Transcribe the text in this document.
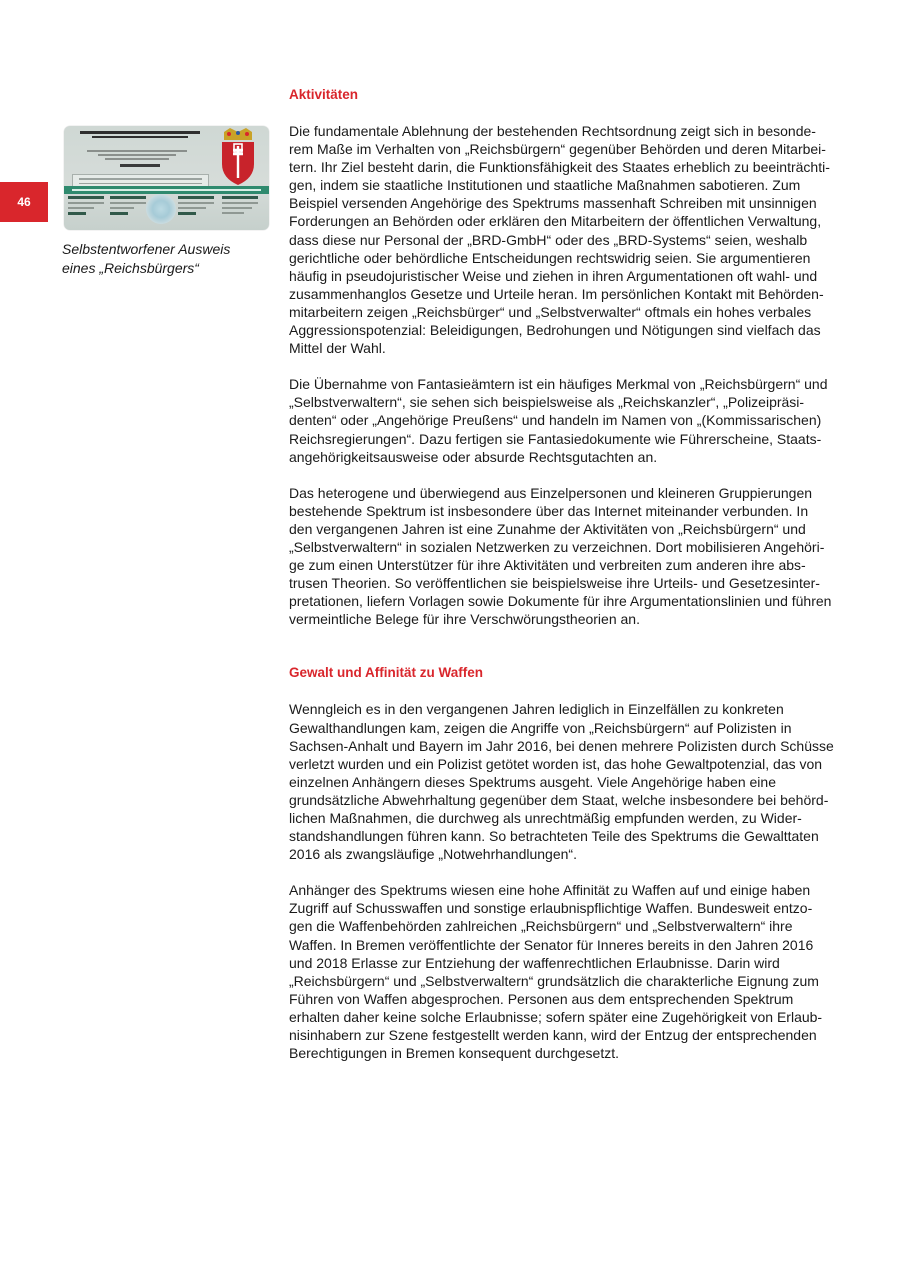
46
Selbstentworfener Ausweis
eines „Reichsbürgers“
Aktivitäten

Die fundamentale Ablehnung der bestehenden Rechtsordnung zeigt sich in besonde-
rem Maße im Verhalten von „Reichsbürgern“ gegenüber Behörden und deren Mitarbei-
tern. Ihr Ziel besteht darin, die Funktionsfähigkeit des Staates erheblich zu beeinträchti-
gen, indem sie staatliche Institutionen und staatliche Maßnahmen sabotieren. Zum
Beispiel versenden Angehörige des Spektrums massenhaft Schreiben mit unsinnigen
Forderungen an Behörden oder erklären den Mitarbeitern der öffentlichen Verwaltung,
dass diese nur Personal der „BRD-GmbH“ oder des „BRD-Systems“ seien, weshalb
gerichtliche oder behördliche Entscheidungen rechtswidrig seien. Sie argumentieren
häufig in pseudojuristischer Weise und ziehen in ihren Argumentationen oft wahl- und
zusammenhanglos Gesetze und Urteile heran. Im persönlichen Kontakt mit Behörden-
mitarbeitern zeigen „Reichsbürger“ und „Selbstverwalter“ oftmals ein hohes verbales
Aggressionspotenzial: Beleidigungen, Bedrohungen und Nötigungen sind vielfach das
Mittel der Wahl.

Die Übernahme von Fantasieämtern ist ein häufiges Merkmal von „Reichsbürgern“ und
„Selbstverwaltern“, sie sehen sich beispielsweise als „Reichskanzler“, „Polizeipräsi-
denten“ oder „Angehörige Preußens“ und handeln im Namen von „(Kommissarischen)
Reichsregierungen“. Dazu fertigen sie Fantasiedokumente wie Führerscheine, Staats-
angehörigkeitsausweise oder absurde Rechtsgutachten an.

Das heterogene und überwiegend aus Einzelpersonen und kleineren Gruppierungen
bestehende Spektrum ist insbesondere über das Internet miteinander verbunden. In
den vergangenen Jahren ist eine Zunahme der Aktivitäten von „Reichsbürgern“ und
„Selbstverwaltern“ in sozialen Netzwerken zu verzeichnen. Dort mobilisieren Angehöri-
ge zum einen Unterstützer für ihre Aktivitäten und verbreiten zum anderen ihre abs-
trusen Theorien. So veröffentlichen sie beispielsweise ihre Urteils- und Gesetzesinter-
pretationen, liefern Vorlagen sowie Dokumente für ihre Argumentationslinien und führen
vermeintliche Belege für ihre Verschwörungstheorien an.

Gewalt und Affinität zu Waffen

Wenngleich es in den vergangenen Jahren lediglich in Einzelfällen zu konkreten
Gewalthandlungen kam, zeigen die Angriffe von „Reichsbürgern“ auf Polizisten in
Sachsen-Anhalt und Bayern im Jahr 2016, bei denen mehrere Polizisten durch Schüsse
verletzt wurden und ein Polizist getötet worden ist, das hohe Gewaltpotenzial, das von
einzelnen Anhängern dieses Spektrums ausgeht. Viele Angehörige haben eine
grundsätzliche Abwehrhaltung gegenüber dem Staat, welche insbesondere bei behörd-
lichen Maßnahmen, die durchweg als unrechtmäßig empfunden werden, zu Wider-
standshandlungen führen kann. So betrachteten Teile des Spektrums die Gewalttaten
2016 als zwangsläufige „Notwehrhandlungen“.

Anhänger des Spektrums wiesen eine hohe Affinität zu Waffen auf und einige haben
Zugriff auf Schusswaffen und sonstige erlaubnispflichtige Waffen. Bundesweit entzo-
gen die Waffenbehörden zahlreichen „Reichsbürgern“ und „Selbstverwaltern“ ihre
Waffen. In Bremen veröffentlichte der Senator für Inneres bereits in den Jahren 2016
und 2018 Erlasse zur Entziehung der waffenrechtlichen Erlaubnisse. Darin wird
„Reichsbürgern“ und „Selbstverwaltern“ grundsätzlich die charakterliche Eignung zum
Führen von Waffen abgesprochen. Personen aus dem entsprechenden Spektrum
erhalten daher keine solche Erlaubnisse; sofern später eine Zugehörigkeit von Erlaub-
nisinhabern zur Szene festgestellt werden kann, wird der Entzug der entsprechenden
Berechtigungen in Bremen konsequent durchgesetzt.
